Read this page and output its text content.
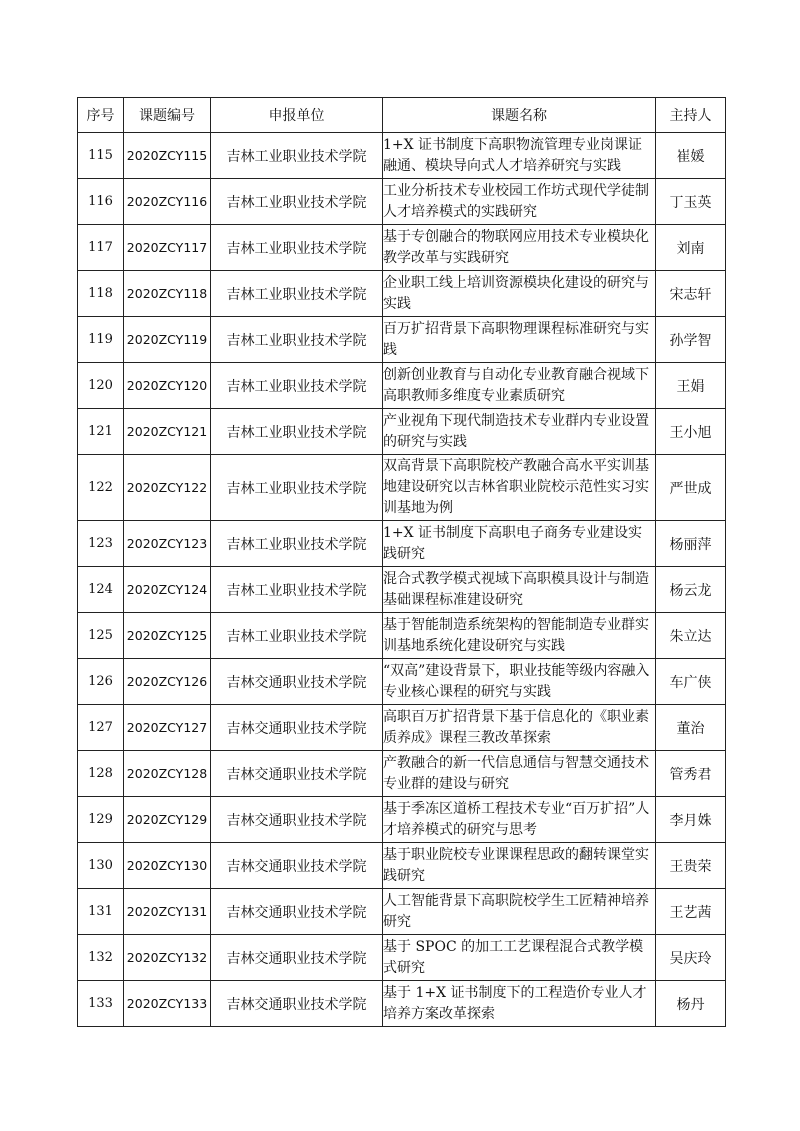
序号	课题编号	申报单位	课题名称	主持人
115	2020ZCY115	吉林工业职业技术学院	1+X 证书制度下高职物流管理专业岗课证融通、模块导向式人才培养研究与实践	崔媛
116	2020ZCY116	吉林工业职业技术学院	工业分析技术专业校园工作坊式现代学徒制人才培养模式的实践研究	丁玉英
117	2020ZCY117	吉林工业职业技术学院	基于专创融合的物联网应用技术专业模块化教学改革与实践研究	刘南
118	2020ZCY118	吉林工业职业技术学院	企业职工线上培训资源模块化建设的研究与实践	宋志轩
119	2020ZCY119	吉林工业职业技术学院	百万扩招背景下高职物理课程标准研究与实践	孙学智
120	2020ZCY120	吉林工业职业技术学院	创新创业教育与自动化专业教育融合视域下高职教师多维度专业素质研究	王娟
121	2020ZCY121	吉林工业职业技术学院	产业视角下现代制造技术专业群内专业设置的研究与实践	王小旭
122	2020ZCY122	吉林工业职业技术学院	双高背景下高职院校产教融合高水平实训基地建设研究以吉林省职业院校示范性实习实训基地为例	严世成
123	2020ZCY123	吉林工业职业技术学院	1+X 证书制度下高职电子商务专业建设实践研究	杨丽萍
124	2020ZCY124	吉林工业职业技术学院	混合式教学模式视域下高职模具设计与制造基础课程标准建设研究	杨云龙
125	2020ZCY125	吉林工业职业技术学院	基于智能制造系统架构的智能制造专业群实训基地系统化建设研究与实践	朱立达
126	2020ZCY126	吉林交通职业技术学院	“双高”建设背景下，职业技能等级内容融入专业核心课程的研究与实践	车广侠
127	2020ZCY127	吉林交通职业技术学院	高职百万扩招背景下基于信息化的《职业素质养成》课程三教改革探索	董治
128	2020ZCY128	吉林交通职业技术学院	产教融合的新一代信息通信与智慧交通技术专业群的建设与研究	管秀君
129	2020ZCY129	吉林交通职业技术学院	基于季冻区道桥工程技术专业“百万扩招”人才培养模式的研究与思考	李月姝
130	2020ZCY130	吉林交通职业技术学院	基于职业院校专业课课程思政的翻转课堂实践研究	王贵荣
131	2020ZCY131	吉林交通职业技术学院	人工智能背景下高职院校学生工匠精神培养研究	王艺茜
132	2020ZCY132	吉林交通职业技术学院	基于 SPOC 的加工工艺课程混合式教学模式研究	吴庆玲
133	2020ZCY133	吉林交通职业技术学院	基于 1+X 证书制度下的工程造价专业人才培养方案改革探索	杨丹
